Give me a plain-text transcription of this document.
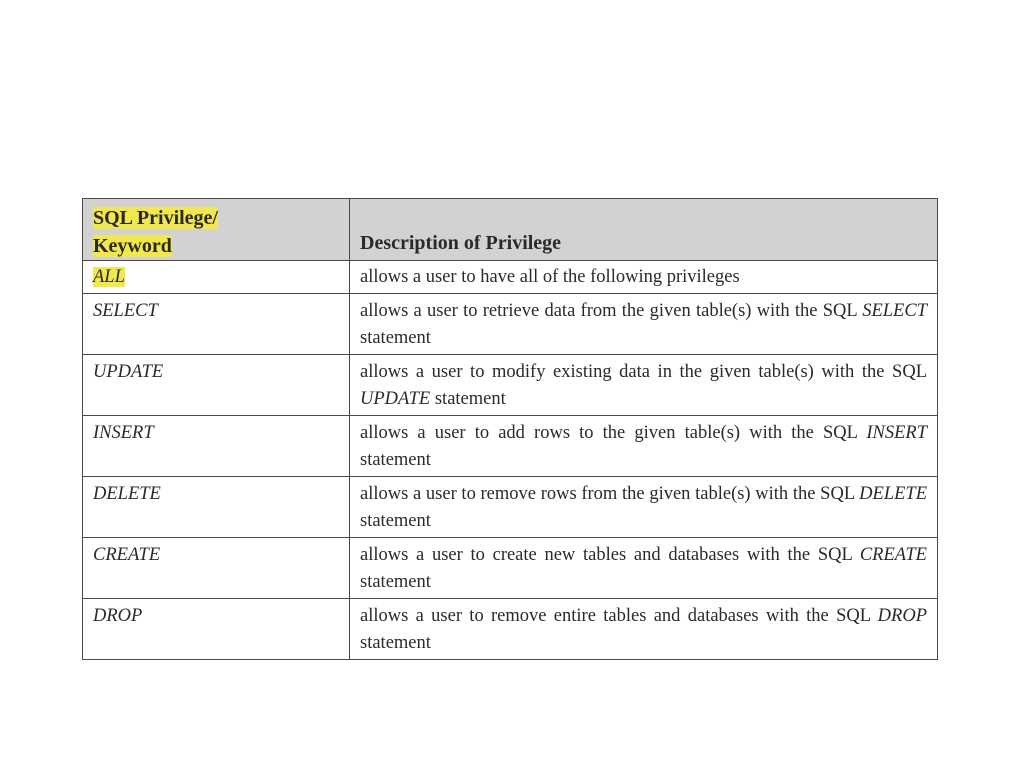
SQL Privilege/
Keyword	Description of Privilege
ALL	allows a user to have all of the following privileges
SELECT	allows a user to retrieve data from the given table(s) with the SQL SELECT statement
UPDATE	allows a user to modify existing data in the given table(s) with the SQL UPDATE statement
INSERT	allows a user to add rows to the given table(s) with the SQL INSERT statement
DELETE	allows a user to remove rows from the given table(s) with the SQL DELETE statement
CREATE	allows a user to create new tables and databases with the SQL CREATE statement
DROP	allows a user to remove entire tables and databases with the SQL DROP statement
